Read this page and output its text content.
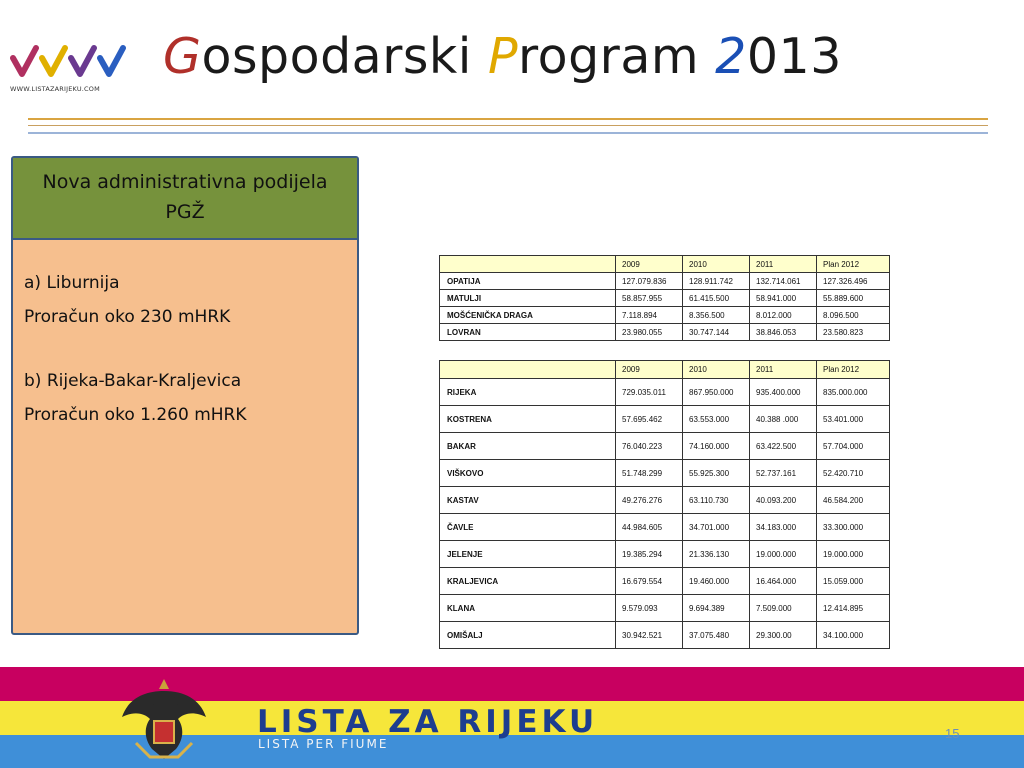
WWW.LISTAZARIJEKU.COM
Gospodarski Program 2013
Nova administrativna podijela
PGŽ
a) Liburnija
Proračun oko 230 mHRK
b) Rijeka-Bakar-Kraljevica
Proračun oko 1.260 mHRK
	2009	2010	2011	Plan 2012
OPATIJA	127.079.836	128.911.742	132.714.061	127.326.496
MATULJI	58.857.955	61.415.500	58.941.000	55.889.600
MOŠĆENIČKA DRAGA	7.118.894	8.356.500	8.012.000	8.096.500
LOVRAN	23.980.055	30.747.144	38.846.053	23.580.823
	2009	2010	2011	Plan 2012
RIJEKA	729.035.011	867.950.000	935.400.000	835.000.000
KOSTRENA	57.695.462	63.553.000	40.388 .000	53.401.000
BAKAR	76.040.223	74.160.000	63.422.500	57.704.000
VIŠKOVO	51.748.299	55.925.300	52.737.161	52.420.710
KASTAV	49.276.276	63.110.730	40.093.200	46.584.200
ČAVLE	44.984.605	34.701.000	34.183.000	33.300.000
JELENJE	19.385.294	21.336.130	19.000.000	19.000.000
KRALJEVICA	16.679.554	19.460.000	16.464.000	15.059.000
KLANA	9.579.093	9.694.389	7.509.000	12.414.895
OMIŠALJ	30.942.521	37.075.480	29.300.00	34.100.000
LISTA ZA RIJEKU
LISTA PER FIUME
15
